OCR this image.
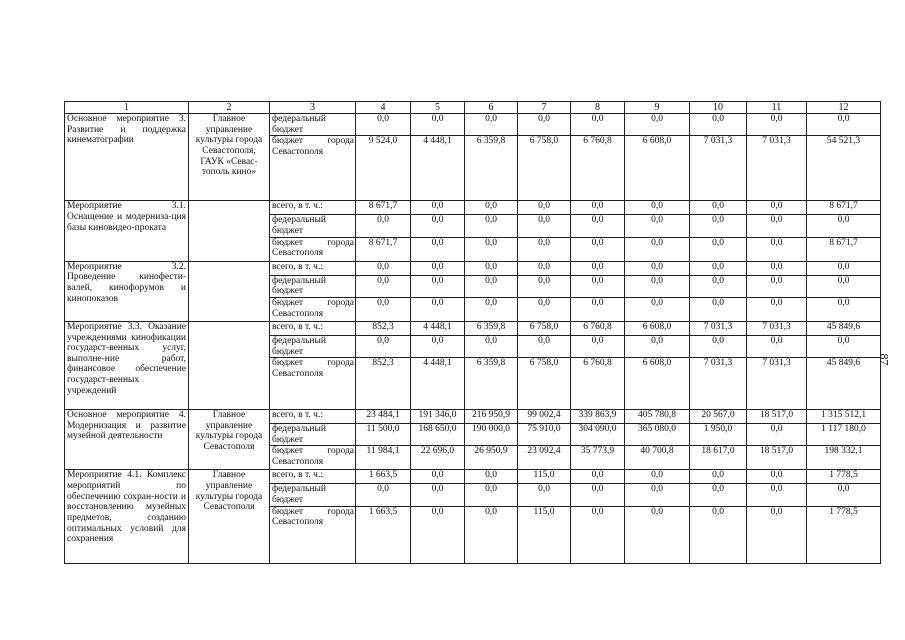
1	2	3	4	5	6	7	8	9	10	11	12
Основное мероприятие 3. Развитие и поддержка кинематографии	Главное управление культуры города Севастополя, ГАУК «Севас-тополь кино»	федеральный бюджет	0,0	0,0	0,0	0,0	0,0	0,0	0,0	0,0	0,0
		бюджет города Севастополя	9 524,0	4 448,1	6 359,8	6 758,0	6 760,8	6 608,0	7 031,3	7 031,3	54 521,3
Мероприятие 3.1. Оснащение и модерниза-ция базы киновидео-проката		всего, в т. ч.:	8 671,7	0,0	0,0	0,0	0,0	0,0	0,0	0,0	8 671,7
		федеральный бюджет	0,0	0,0	0,0	0,0	0,0	0,0	0,0	0,0	0,0
		бюджет города Севастополя	8 671,7	0,0	0,0	0,0	0,0	0,0	0,0	0,0	8 671,7
Мероприятие 3.2. Проведение кинофести-валей, кинофорумов и кинопоказов		всего, в т. ч.:	0,0	0,0	0,0	0,0	0,0	0,0	0,0	0,0	0,0
		федеральный бюджет	0,0	0,0	0,0	0,0	0,0	0,0	0,0	0,0	0,0
		бюджет города Севастополя	0,0	0,0	0,0	0,0	0,0	0,0	0,0	0,0	0,0
Мероприятие 3.3. Оказание учреждениями кинофикации государст-венных услуг, выполне-ние работ, финансовое обеспечение государст-венных учреждений		всего, в т. ч.:	852,3	4 448,1	6 359,8	6 758,0	6 760,8	6 608,0	7 031,3	7 031,3	45 849,6
		федеральный бюджет	0,0	0,0	0,0	0,0	0,0	0,0	0,0	0,0	0,0
		бюджет города Севастополя	852,3	4 448,1	6 359,8	6 758,0	6 760,8	6 608,0	7 031,3	7 031,3	45 849,6
Основное мероприятие 4. Модернизация и развитие музейной деятельности	Главное управление культуры города Севастополя	всего, в т. ч.:	23 484,1	191 346,0	216 950,9	99 002,4	339 863,9	405 780,8	20 567,0	18 517,0	1 315 512,1
		федеральный бюджет	11 500,0	168 650,0	190 000,0	75 910,0	304 090,0	365 080,0	1 950,0	0,0	1 117 180,0
		бюджет города Севастополя	11 984,1	22 696,0	26 950,9	23 092,4	35 773,9	40 700,8	18 617,0	18 517,0	198 332,1
Мероприятие 4.1. Комплекс мероприятий по обеспечению сохран-ности и восстановлению музейных предметов, созданию оптимальных условий для сохранения	Главное управление культуры города Севастополя	всего, в т. ч.:	1 663,5	0,0	0,0	115,0	0,0	0,0	0,0	0,0	1 778,5
		федеральный бюджет	0,0	0,0	0,0	0,0	0,0	0,0	0,0	0,0	0,0
		бюджет города Севастополя	1 663,5	0,0	0,0	115,0	0,0	0,0	0,0	0,0	1 778,5
87
